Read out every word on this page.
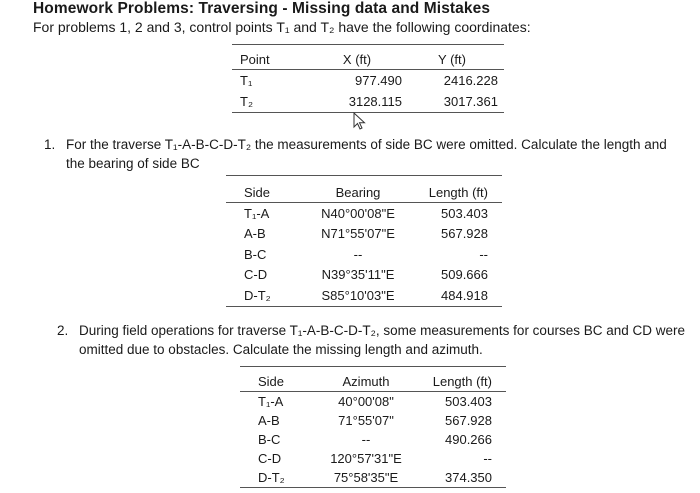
Homework Problems: Traversing - Missing data and Mistakes
For problems 1, 2 and 3, control points T₁ and T₂ have the following coordinates:
Point	X (ft)	Y (ft)
T₁	977.490	2416.228
T₂	3128.115	3017.361
1. For the traverse T₁-A-B-C-D-T₂ the measurements of side BC were omitted. Calculate the length and
the bearing of side BC
Side	Bearing	Length (ft)
T₁-A	N40°00'08"E	503.403
A-B	N71°55'07"E	567.928
B-C	--	--
C-D	N39°35'11"E	509.666
D-T₂	S85°10'03"E	484.918
2. During field operations for traverse T₁-A-B-C-D-T₂, some measurements for courses BC and CD were
omitted due to obstacles. Calculate the missing length and azimuth.
Side	Azimuth	Length (ft)
T₁-A	40°00'08"	503.403
A-B	71°55'07"	567.928
B-C	--	490.266
C-D	120°57'31"E	--
D-T₂	75°58'35"E	374.350
